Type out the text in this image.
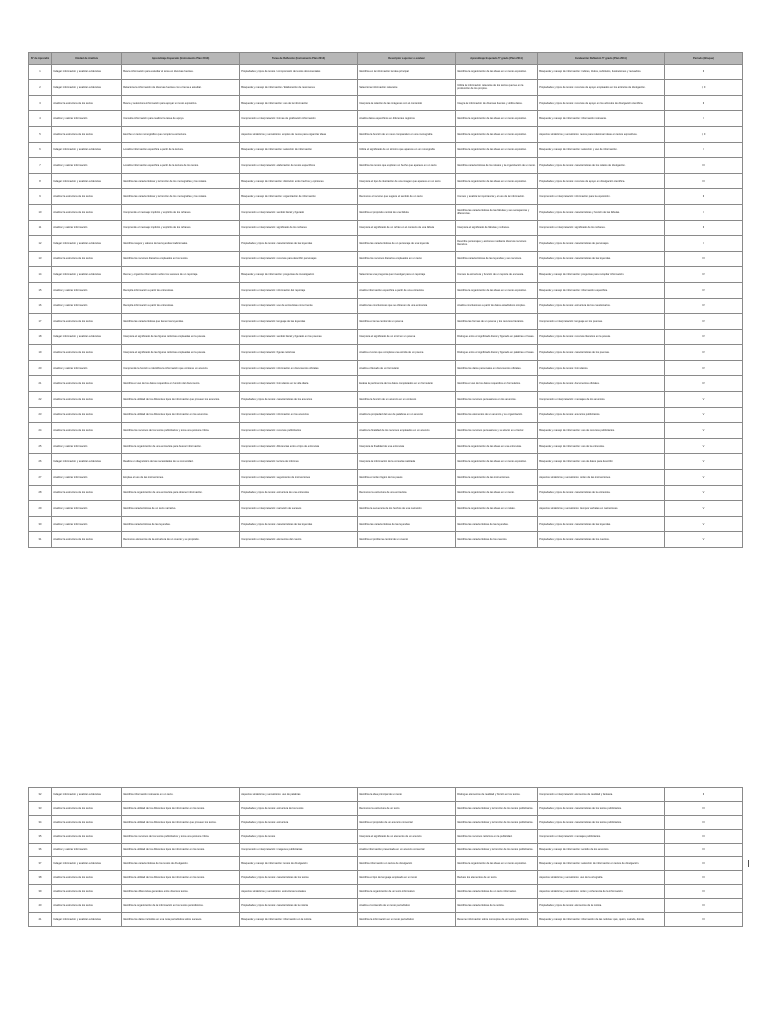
Nº de Aprendiz	Unidad de Análisis	Aprendizaje Esperado (Instrumento Plan 2013)	Tarea de Reflexión (Instrumento Plan 2013)	Descriptor a ejercer o evaluar	Aprendizaje Esperado 5º grado (Plan 2011)	Evaluación Reflexión 5º grado (Plan 2011)	Periodo (Bloque)
1	Indagar información y analizar evidencias	Busca información para estudiar el tema en diversas fuentes.	Propiedades y tipos de textos / comprensión de textos documentales	Identifica en la información la idea principal	Identifica la organización de las ideas en un texto expositivo.	Búsqueda y manejo de información: índices, títulos, subtítulos, ilustraciones y recuadros.	II
2	Indagar información y analizar evidencias	Relaciona la información de diversas fuentes con el tema a estudiar.	Búsqueda y manejo de información / Elaboración de resúmenes	Selecciona información relevante	Utiliza la información relevante de los textos que lee en la producción de los propios.	Propiedades y tipos de textos: recursos de apoyo empleados en los artículos de divulgación.	I, II
3	Analizar la estructura de los textos	Busca y selecciona información para apoyar un texto expositivo.	Búsqueda y manejo de información: uso de la información	Interpreta la relación de las imágenes con el contenido	Integra la información de diversas fuentes y utiliza datos.	Propiedades y tipos de textos: recursos de apoyo en los artículos de divulgación científica.	II
4	Analizar y valorar información	Consulta información para realizar la tarea de apoyo.	Comprensión e interpretación: formas de graficación información	Analiza datos específicos en diferentes registros	Identifica la organización de las ideas en un texto expositivo.	Búsqueda y manejo de información: información relevante.	I
5	Analizar la estructura de los textos	Escribe un texto monográfico que cumple la estructura.	Aspectos sintácticos y semánticos: empleo de nexos para organizar ideas	Identifica la función de un nexo comparativo en una monografía	Identifica la organización de las ideas en un texto expositivo.	Aspectos sintácticos y semánticos: nexos para relacionar ideas en textos expositivos.	I, II
6	Indagar información y analizar evidencias	Localiza información específica a partir de la lectura.	Búsqueda y manejo de información: selección de información	Utiliza el significado de un término que aparece en un monografía	Identifica la organización de las ideas en un texto expositivo.	Búsqueda y manejo de información: selección y uso de información.	I
7	Analizar y valorar información	Localiza información específica a partir de la lectura de los textos.	Comprensión e interpretación: elaboración de textos específicos	Identifica los textos que explican un hecho que aparece en un texto	Identifica características de los relatos y la organización de un texto.	Propiedades y tipos de textos: características de los relatos de divulgación.	III
8	Indagar información y analizar evidencias	Identifica las características y la función de los monografías y los relatos.	Búsqueda y manejo de información: distinción entre hechos y opiniones	Interpreta el tipo de ilustración de una imagen que aparece en un texto	Identifica la organización de las ideas en un texto expositivo.	Propiedades y tipos de textos: recursos de apoyo en divulgación científica.	III
9	Analizar la estructura de los textos	Identifica las características y la función de los monografías y los relatos.	Búsqueda y manejo de información: organización de información	Reconoce el recurso que sugiere el sentido de un texto	Conoce y analiza la importancia y el uso de la información.	Comprensión e interpretación: información para la exposición.	II
10	Analizar la estructura de los textos	Comprende el mensaje implícito y explícito de los refranes.	Comprensión e interpretación: sentido literal y figurado	Identifica el propósito central de una fábula	Identifica las características de las fábulas y sus semejanzas y diferencias.	Propiedades y tipos de textos: características y función de las fábulas.	I
11	Analizar y valorar información	Comprende el mensaje implícito y explícito de los refranes.	Comprensión e interpretación: significado de los refranes	Interpreta el significado de un refrán en el contexto de una fábula	Interpreta el significado de fábulas y refranes.	Comprensión e interpretación: significado de los refranes.	II
12	Indagar información y analizar evidencias	Identifica rasgos y valores de las leyendas tradicionales.	Propiedades y tipos de textos: características de las leyendas	Identifica las características de un personaje de una leyenda	Describe personajes y acciones mediante diversos recursos literarios.	Propiedades y tipos de textos: características de personajes.	I
13	Analizar la estructura de los textos	Identifica los recursos literarios empleados en los textos.	Comprensión e interpretación: recursos para describir personajes	Identifica los recursos literarios empleados en un texto	Identifica características de las leyendas y sus recursos.	Propiedades y tipos de textos: características de las leyendas.	III
14	Indagar información y analizar evidencias	Reúne y organiza información sobre los sucesos de un reportaje.	Búsqueda y manejo de información: preguntas de investigación	Selecciona una pregunta que investigar para un reportaje	Conoce la estructura y función de un reporte de encuesta.	Búsqueda y manejo de información: preguntas para recopilar información.	IV
15	Analizar y valorar información	Recopila información a partir de entrevistas.	Comprensión e interpretación: información del reportaje	Analiza información específica a partir de una entrevista	Identifica la organización de las ideas en un texto expositivo.	Búsqueda y manejo de información: información específica.	IV
16	Analizar y valorar información	Recopila información a partir de entrevistas.	Comprensión e interpretación: uso de entrevistas como fuente	Analiza las conclusiones que se obtienen de una entrevista	Analiza conclusiones a partir de datos estadísticos simples.	Propiedades y tipos de textos: estructura de los cuestionarios.	IV
17	Analizar la estructura de los textos	Identifica las características que tienen las leyendas.	Comprensión e interpretación: lenguaje de las leyendas	Identifica el tema central de un poema	Identifica las formas de un poema y los recursos literarios.	Comprensión e interpretación: lenguaje en los poemas.	IV
18	Indagar información y analizar evidencias	Interpreta el significado de las figuras retóricas empleadas en la poesía.	Comprensión e interpretación: sentido literal y figurado en los poemas	Interpreta el significado de un símil en un poema	Distingue entre el significado literal y figurado en palabras o frases.	Propiedades y tipos de textos: recursos literarios en la poesía.	IV
19	Analizar la estructura de los textos	Interpreta el significado de las figuras retóricas empleadas en la poesía.	Comprensión e interpretación: figuras retóricas	Analiza el verso que completa una estrofa de un poema	Distingue entre el significado literal y figurado en palabras o frases.	Propiedades y tipos de textos: características de los poemas.	IV
20	Analizar y valorar información	Comprende la función e identifica la información que contiene un anuncio.	Comprensión e interpretación: información en documentos oficiales	Analiza el llenado de un formulario	Identifica los datos personales en documentos oficiales.	Propiedades y tipos de textos: formularios.	IV
21	Analizar la estructura de los textos	Identifica el uso de los datos requeridos en función del documento.	Comprensión e interpretación: formularios en la vida diaria	Evalúa la pertinencia de los datos completados en un formulario	Identifica el uso de los datos requeridos en formularios.	Propiedades y tipos de textos: documentos oficiales.	IV
22	Analizar la estructura de los textos	Identifica la utilidad de los diferentes tipos de información que proveen los anuncios.	Propiedades y tipos de textos: características de los anuncios	Identifica la función de un anuncio en un contexto	Identifica los recursos persuasivos en los anuncios.	Comprensión e interpretación: mensajes de los anuncios.	V
23	Analizar la estructura de los textos	Identifica la utilidad de los diferentes tipos de información en los anuncios.	Comprensión e interpretación: información en los anuncios	Analiza la propiedad del uso de palabras en un anuncio	Identifica los elementos de un anuncio y su organización.	Propiedades y tipos de textos: anuncios publicitarios.	V
24	Analizar la estructura de los textos	Identifica los recursos de los textos publicitarios y toma una postura crítica.	Comprensión e interpretación: recursos publicitarios	Analiza la finalidad de los recursos empleados en un anuncio	Identifica los recursos persuasivos y su efecto en el lector.	Búsqueda y manejo de información: uso de recursos publicitarios.	V
25	Analizar y valorar información	Identifica la organización de una entrevista para buscar información.	Comprensión e interpretación: diferencias entre el tipo de entrevista	Interpreta la finalidad de una entrevista	Identifica la organización de las ideas en una entrevista.	Búsqueda y manejo de información: uso de la entrevista.	V
26	Indagar información y analizar evidencias	Realiza un diagnóstico de las necesidades de su comunidad.	Comprensión e interpretación: lectura de informes	Interpreta la información de la consulta realizada	Identifica la organización de las ideas en un texto expositivo.	Búsqueda y manejo de información: uso de datos para describir.	V
27	Analizar y valorar información	Emplea el uso de las instrucciones.	Comprensión e interpretación: seguimiento de instrucciones	Identifica el orden lógico de los pasos	Identifica la organización de las instrucciones.	Aspectos sintácticos y semánticos: orden de las instrucciones.	V
28	Analizar la estructura de los textos	Identifica la organización de una entrevista para obtener información.	Propiedades y tipos de textos: estructura de una entrevista	Reconoce la estructura de una entrevista	Identifica la organización de las ideas en un texto.	Propiedades y tipos de textos: características de la entrevista.	V
29	Analizar y valorar información	Identifica características de un texto narrativo.	Comprensión e interpretación: narración de sucesos	Identifica la secuencia de los hechos de una narración	Identifica la organización de las ideas en un relato.	Aspectos sintácticos y semánticos: tiempos verbales en narraciones.	V
30	Analizar y valorar información	Identifica características de las leyendas.	Propiedades y tipos de textos: características de las leyendas	Identifica las características de las leyendas	Identifica las características de las leyendas.	Propiedades y tipos de textos: características de las leyendas.	V
31	Analizar la estructura de los textos	Reconoce elementos de la estructura de un cuento y su propósito.	Comprensión e interpretación: elementos del cuento	Identifica el problema central de un cuento	Identifica las características de los cuentos.	Propiedades y tipos de textos: características de los cuentos.	V
32	Indagar información y analizar evidencias	Identifica información relevante en un texto.	Aspectos sintácticos y semánticos: uso de palabras	Identifica la idea principal de un texto	Distingue elementos de realidad y ficción en los textos.	Comprensión e interpretación: elementos de realidad y fantasía.	II
33	Analizar la estructura de los textos	Identifica la utilidad de los diferentes tipos de información en los textos.	Propiedades y tipos de textos: estructura de los textos	Reconoce la estructura de un texto	Identifica las características y la función de los textos publicitarios.	Propiedades y tipos de textos: características de los textos publicitarios.	III
34	Analizar la estructura de los textos	Identifica la utilidad de los diferentes tipos de información que proveen los textos.	Propiedades y tipos de textos: estructura	Identifica el propósito de un anuncio comercial	Identifica las características y la función de los textos publicitarios.	Propiedades y tipos de textos: características de los textos publicitarios.	III
35	Analizar la estructura de los textos	Identifica los recursos de los textos publicitarios y toma una postura crítica.	Propiedades y tipos de textos	Interpreta el significado de un elemento de un anuncio	Identifica los recursos retóricos en la publicidad.	Comprensión e interpretación: mensajes publicitarios.	III
36	Analizar y valorar información	Identifica la utilidad de los diferentes tipos de información en los textos.	Comprensión e interpretación: imágenes publicitarias	Analiza información presentada en un anuncio comercial	Identifica las características y la función de los textos publicitarios.	Búsqueda y manejo de información: sentido de los anuncios.	III
37	Indagar información y analizar evidencias	Identifica las características de los textos de divulgación.	Búsqueda y manejo de información: textos de divulgación	Identifica información en textos de divulgación	Identifica la organización de las ideas en un texto expositivo.	Búsqueda y manejo de información: selección de información en textos de divulgación.	III
38	Analizar la estructura de los textos	Identifica la utilidad de los diferentes tipos de información en los textos.	Propiedades y tipos de textos: características de los textos	Identifica el tipo de lenguaje empleado en un texto	Reduce los elementos de un texto.	Aspectos sintácticos y semánticos: uso de la ortografía.	III
39	Analizar la estructura de los textos	Identifica las diferencias generales entre diversos textos.	Aspectos sintácticos y semánticos: estructuras textuales	Identifica la organización de un texto informativo	Identifica las características de un texto informativo.	Aspectos sintácticos y semánticos: orden y coherencia de la información.	III
40	Analizar la estructura de los textos	Identifica la organización de la información en los textos periodísticos.	Propiedades y tipos de textos: características de la noticia	Analiza el contenido de un texto periodístico	Identifica las características de la noticia.	Propiedades y tipos de textos: elementos de la noticia.	III
41	Indagar información y analizar evidencias	Identifica los datos incluidos en una nota periodística sobre sucesos.	Búsqueda y manejo de información: información en la noticia	Identifica la información en un texto periodístico	Resume información sobre conceptos de un texto periodístico.	Búsqueda y manejo de información: información de las noticias: qué, quién, cuándo, dónde.	III
